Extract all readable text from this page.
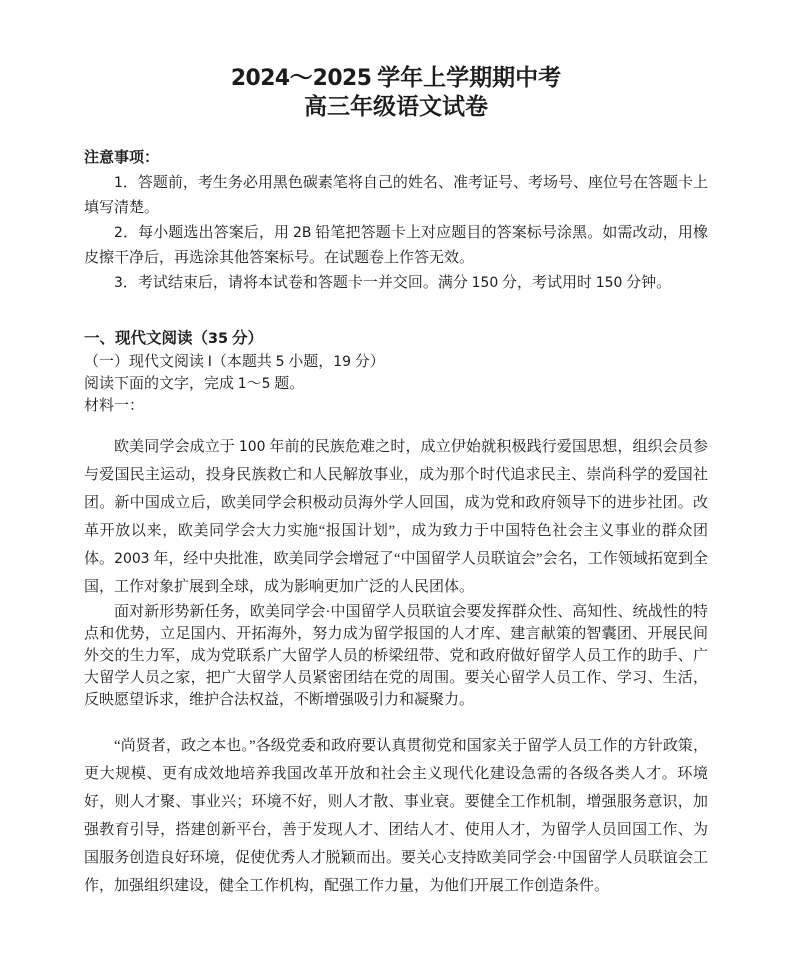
2024～2025 学年上学期期中考
高三年级语文试卷
注意事项：

1．答题前，考生务必用黑色碳素笔将自己的姓名、准考证号、考场号、座位号在答题卡上填写清楚。

2．每小题选出答案后，用 2B 铅笔把答题卡上对应题目的答案标号涂黑。如需改动，用橡皮擦干净后，再选涂其他答案标号。在试题卷上作答无效。

3．考试结束后，请将本试卷和答题卡一并交回。满分 150 分，考试用时 150 分钟。

一、现代文阅读（35 分）

（一）现代文阅读 I（本题共 5 小题，19 分）

阅读下面的文字，完成 1～5 题。

材料一：

欧美同学会成立于 100 年前的民族危难之时，成立伊始就积极践行爱国思想，组织会员参与爱国民主运动，投身民族救亡和人民解放事业，成为那个时代追求民主、崇尚科学的爱国社团。新中国成立后，欧美同学会积极动员海外学人回国，成为党和政府领导下的进步社团。改革开放以来，欧美同学会大力实施“报国计划”，成为致力于中国特色社会主义事业的群众团体。2003 年，经中央批准，欧美同学会增冠了“中国留学人员联谊会”会名，工作领域拓宽到全国，工作对象扩展到全球，成为影响更加广泛的人民团体。

面对新形势新任务，欧美同学会·中国留学人员联谊会要发挥群众性、高知性、统战性的特点和优势，立足国内、开拓海外，努力成为留学报国的人才库、建言献策的智囊团、开展民间外交的生力军，成为党联系广大留学人员的桥梁纽带、党和政府做好留学人员工作的助手、广大留学人员之家，把广大留学人员紧密团结在党的周围。要关心留学人员工作、学习、生活，反映愿望诉求，维护合法权益，不断增强吸引力和凝聚力。

“尚贤者，政之本也。”各级党委和政府要认真贯彻党和国家关于留学人员工作的方针政策，更大规模、更有成效地培养我国改革开放和社会主义现代化建设急需的各级各类人才。环境好，则人才聚、事业兴；环境不好，则人才散、事业衰。要健全工作机制，增强服务意识，加强教育引导，搭建创新平台，善于发现人才、团结人才、使用人才，为留学人员回国工作、为国服务创造良好环境，促使优秀人才脱颖而出。要关心支持欧美同学会·中国留学人员联谊会工作，加强组织建设，健全工作机构，配强工作力量，为他们开展工作创造条件。
